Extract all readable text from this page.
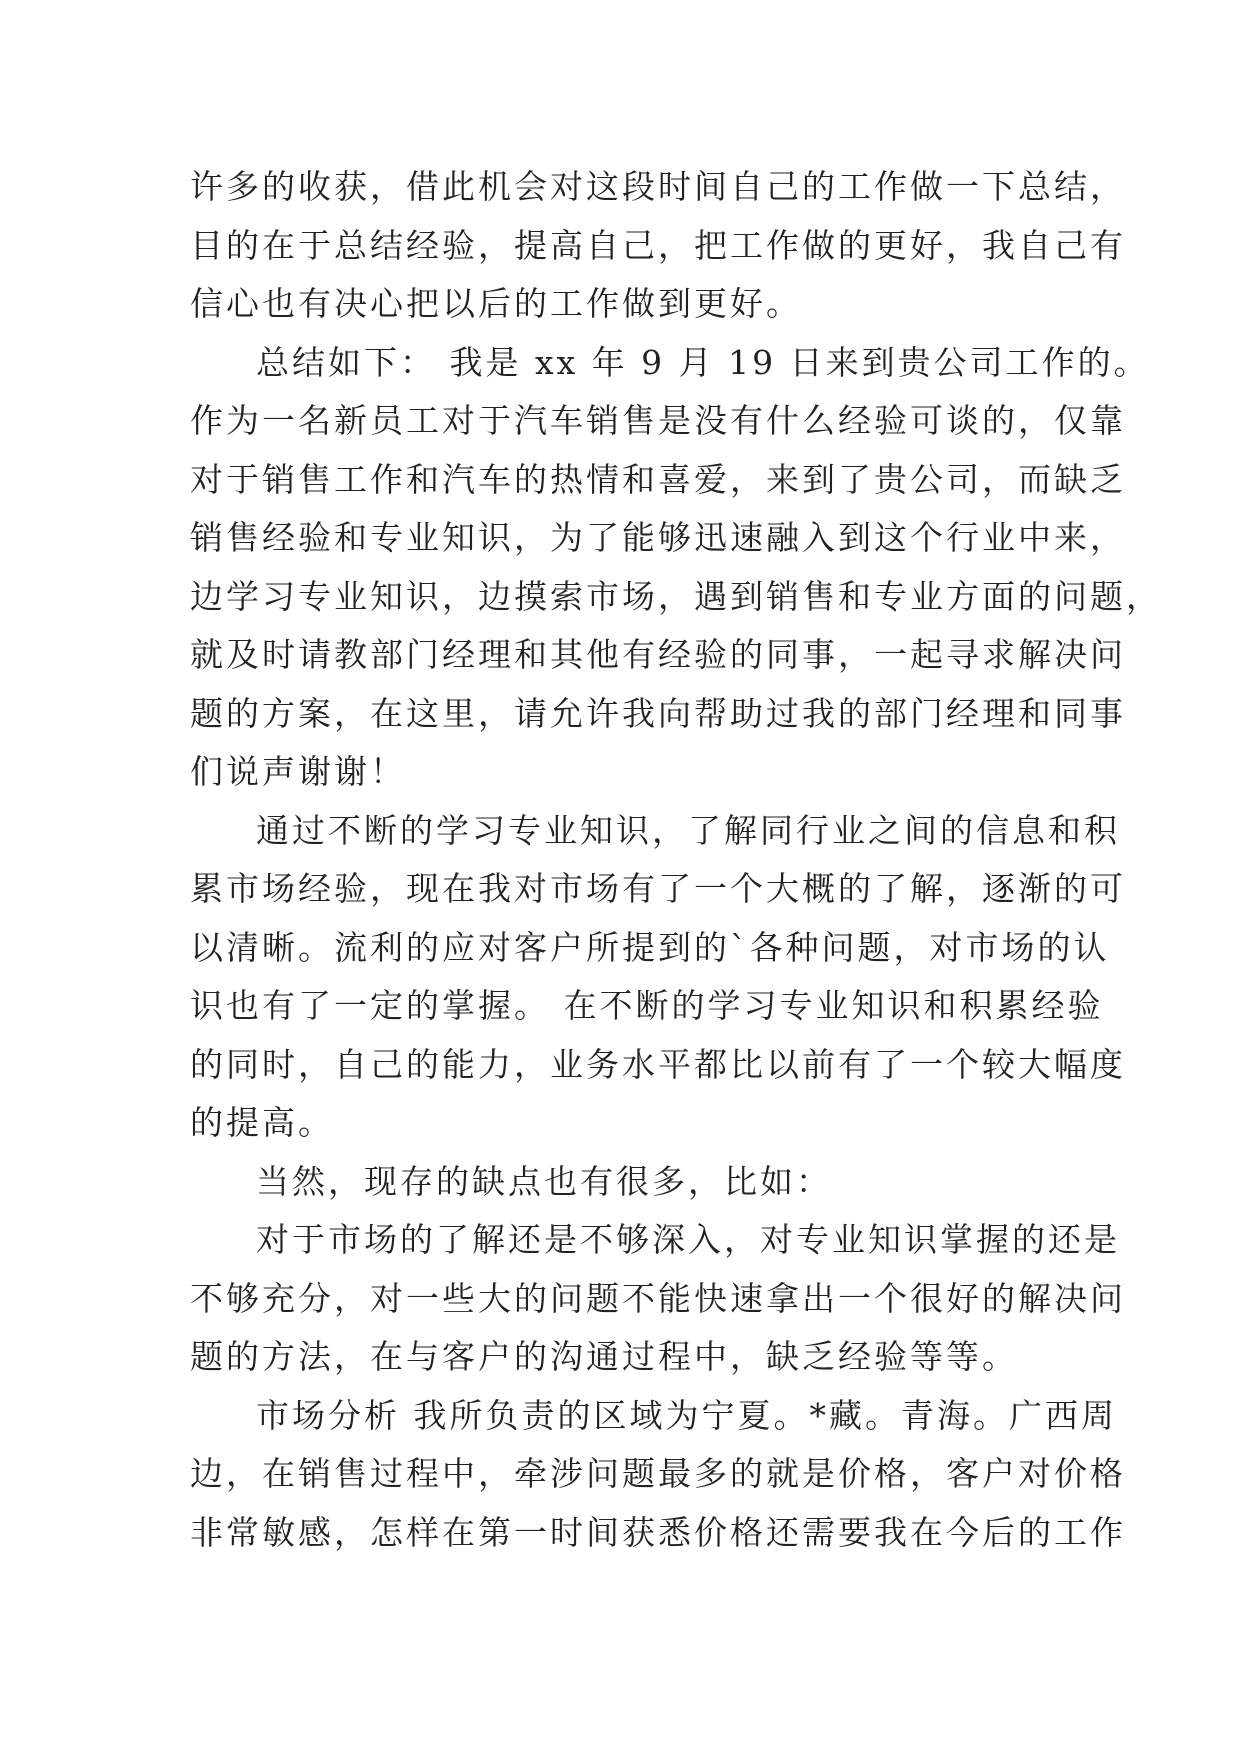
许多的收获，借此机会对这段时间自己的工作做一下总结，
目的在于总结经验，提高自己，把工作做的更好，我自己有
信心也有决心把以后的工作做到更好。
总结如下： 我是 xx 年 9 月 19 日来到贵公司工作的。
作为一名新员工对于汽车销售是没有什么经验可谈的，仅靠
对于销售工作和汽车的热情和喜爱，来到了贵公司，而缺乏
销售经验和专业知识，为了能够迅速融入到这个行业中来，
边学习专业知识，边摸索市场，遇到销售和专业方面的问题，
就及时请教部门经理和其他有经验的同事，一起寻求解决问
题的方案，在这里，请允许我向帮助过我的部门经理和同事
们说声谢谢！
通过不断的学习专业知识，了解同行业之间的信息和积
累市场经验，现在我对市场有了一个大概的了解，逐渐的可
以清晰。流利的应对客户所提到的`各种问题，对市场的认
识也有了一定的掌握。 在不断的学习专业知识和积累经验
的同时，自己的能力，业务水平都比以前有了一个较大幅度
的提高。
当然，现存的缺点也有很多，比如：
对于市场的了解还是不够深入，对专业知识掌握的还是
不够充分，对一些大的问题不能快速拿出一个很好的解决问
题的方法，在与客户的沟通过程中，缺乏经验等等。
市场分析 我所负责的区域为宁夏。*藏。青海。广西周
边，在销售过程中，牵涉问题最多的就是价格，客户对价格
非常敏感，怎样在第一时间获悉价格还需要我在今后的工作
